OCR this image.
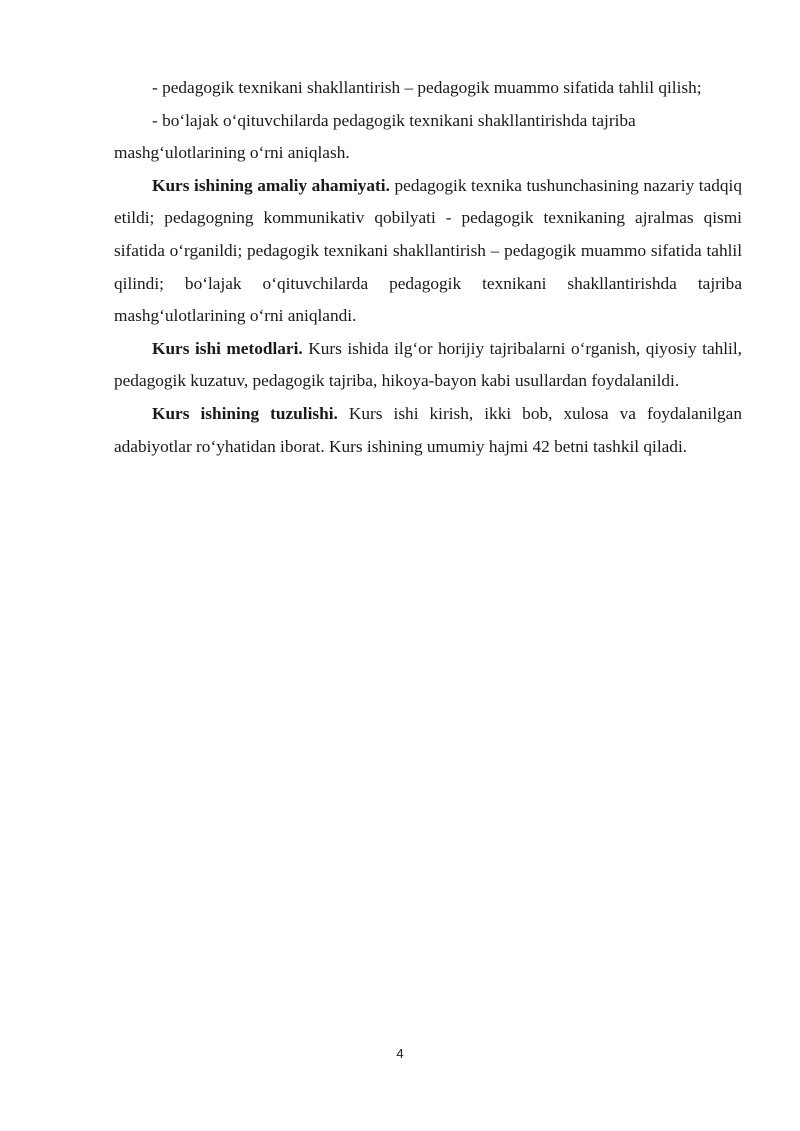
- pedagogik texnikani shakllantirish – pedagogik muammo sifatida tahlil qilish;

- bo‘lajak o‘qituvchilarda pedagogik texnikani shakllantirishda tajriba mashg‘ulotlarining o‘rni aniqlash.

Kurs ishining amaliy ahamiyati. pedagogik texnika tushunchasining nazariy tadqiq etildi; pedagogning kommunikativ qobilyati - pedagogik texnikaning ajralmas qismi sifatida o‘rganildi; pedagogik texnikani shakllantirish – pedagogik muammo sifatida tahlil qilindi; bo‘lajak o‘qituvchilarda pedagogik texnikani shakllantirishda tajriba mashg‘ulotlarining o‘rni aniqlandi.

Kurs ishi metodlari. Kurs ishida ilg‘or horijiy tajribalarni o‘rganish, qiyosiy tahlil, pedagogik kuzatuv, pedagogik tajriba, hikoya-bayon kabi usullardan foydalanildi.

Kurs ishining tuzulishi. Kurs ishi kirish, ikki bob, xulosa va foydalanilgan adabiyotlar ro‘yhatidan iborat. Kurs ishining umumiy hajmi 42 betni tashkil qiladi.

4
